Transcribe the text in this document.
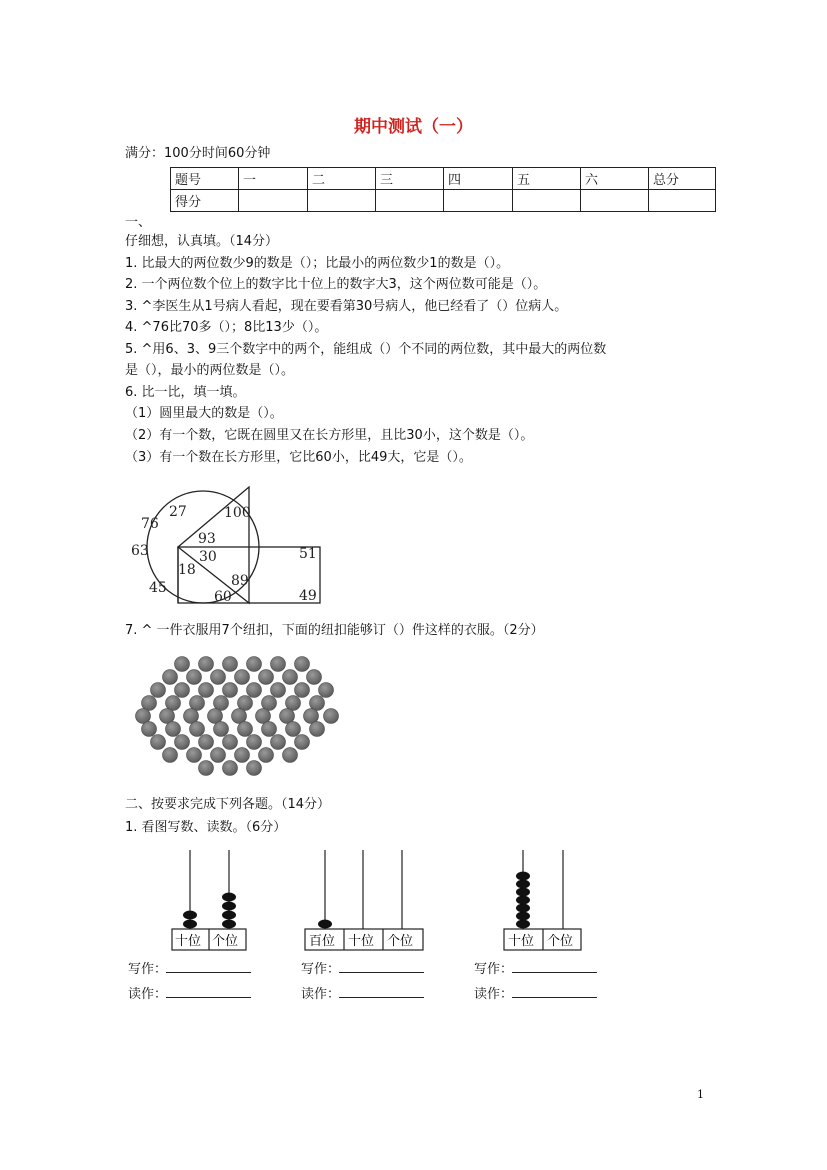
期中测试（一）
满分：100分时间60分钟
题号	一	二	三	四	五	六	总分
得分							
一、
仔细想，认真填。（14分）
1. 比最大的两位数少9的数是（）；比最小的两位数少1的数是（）。
2. 一个两位数个位上的数字比十位上的数字大3，这个两位数可能是（）。
3. ^李医生从1号病人看起，现在要看第30号病人，他已经看了（）位病人。
4. ^76比70多（）；8比13少（）。
5. ^用6、3、9三个数字中的两个，能组成（）个不同的两位数，其中最大的两位数
是（），最小的两位数是（）。
6. 比一比，填一填。
（1）圆里最大的数是（）。
（2）有一个数，它既在圆里又在长方形里，且比30小，这个数是（）。
（3）有一个数在长方形里，它比60小，比49大，它是（）。
27	100
76
93
63	30	51
18
89
45
60	49
7. ^ 一件衣服用7个纽扣，下面的纽扣能够订（）件这样的衣服。（2分）
二、按要求完成下列各题。（14分）
1. 看图写数、读数。（6分）
十位 个位	百位 十位 个位	十位 个位
写作：
读作：
写作：
读作：
写作：
读作：
1
